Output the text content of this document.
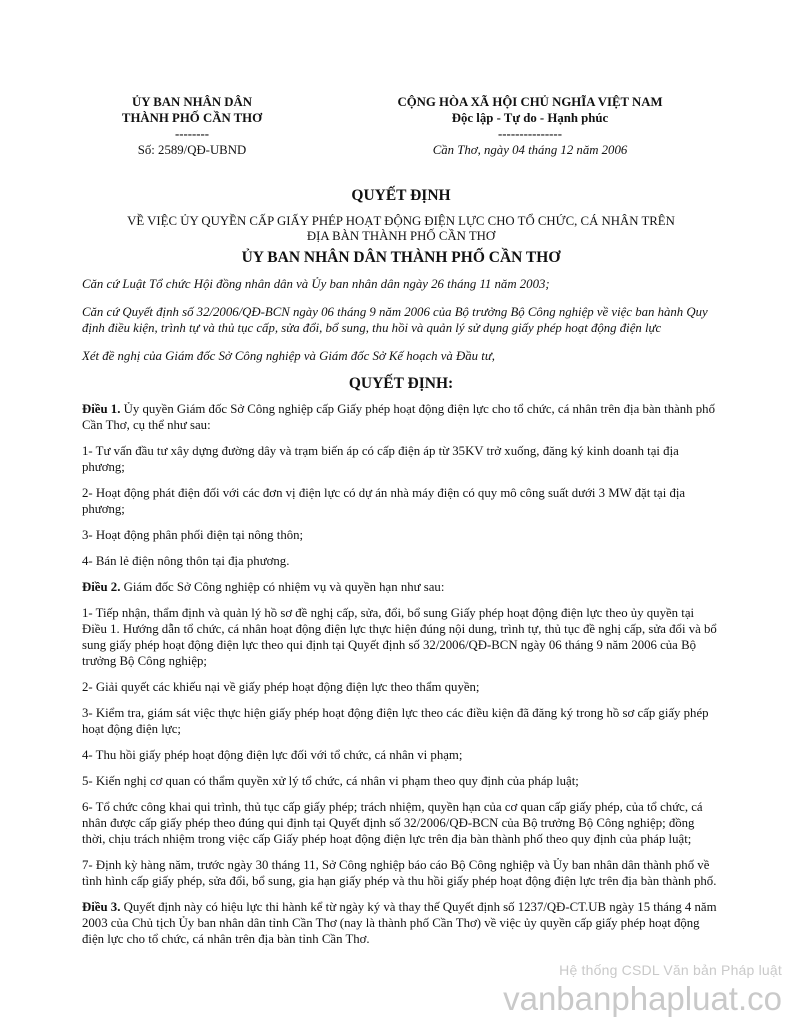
ỦY BAN NHÂN DÂN
THÀNH PHỐ CẦN THƠ
--------
Số: 2589/QĐ-UBND
CỘNG HÒA XÃ HỘI CHỦ NGHĨA VIỆT NAM
Độc lập - Tự do - Hạnh phúc
---------------
Cần Thơ, ngày 04 tháng 12 năm 2006
QUYẾT ĐỊNH
VỀ VIỆC ỦY QUYỀN CẤP GIẤY PHÉP HOẠT ĐỘNG ĐIỆN LỰC CHO TỔ CHỨC, CÁ NHÂN TRÊN ĐỊA BÀN THÀNH PHỐ CẦN THƠ
ỦY BAN NHÂN DÂN THÀNH PHỐ CẦN THƠ

Căn cứ Luật Tổ chức Hội đồng nhân dân và Ủy ban nhân dân ngày 26 tháng 11 năm 2003;

Căn cứ Quyết định số 32/2006/QĐ-BCN ngày 06 tháng 9 năm 2006 của Bộ trưởng Bộ Công nghiệp về việc ban hành Quy định điều kiện, trình tự và thủ tục cấp, sửa đổi, bổ sung, thu hồi và quản lý sử dụng giấy phép hoạt động điện lực

Xét đề nghị của Giám đốc Sở Công nghiệp và Giám đốc Sở Kế hoạch và Đầu tư,

QUYẾT ĐỊNH:

Điều 1. Ủy quyền Giám đốc Sở Công nghiệp cấp Giấy phép hoạt động điện lực cho tổ chức, cá nhân trên địa bàn thành phố Cần Thơ, cụ thể như sau:

1- Tư vấn đầu tư xây dựng đường dây và trạm biến áp có cấp điện áp từ 35KV trở xuống, đăng ký kinh doanh tại địa phương;

2- Hoạt động phát điện đối với các đơn vị điện lực có dự án nhà máy điện có quy mô công suất dưới 3 MW đặt tại địa phương;

3- Hoạt động phân phối điện tại nông thôn;

4- Bán lẻ điện nông thôn tại địa phương.

Điều 2. Giám đốc Sở Công nghiệp có nhiệm vụ và quyền hạn như sau:

1- Tiếp nhận, thẩm định và quản lý hồ sơ đề nghị cấp, sửa, đổi, bổ sung Giấy phép hoạt động điện lực theo ủy quyền tại Điều 1. Hướng dẫn tổ chức, cá nhân hoạt động điện lực thực hiện đúng nội dung, trình tự, thủ tục đề nghị cấp, sửa đổi và bổ sung giấy phép hoạt động điện lực theo qui định tại Quyết định số 32/2006/QĐ-BCN ngày 06 tháng 9 năm 2006 của Bộ trưởng Bộ Công nghiệp;

2- Giải quyết các khiếu nại về giấy phép hoạt động điện lực theo thẩm quyền;

3- Kiểm tra, giám sát việc thực hiện giấy phép hoạt động điện lực theo các điều kiện đã đăng ký trong hồ sơ cấp giấy phép hoạt động điện lực;

4- Thu hồi giấy phép hoạt động điện lực đối với tổ chức, cá nhân vi phạm;

5- Kiến nghị cơ quan có thẩm quyền xử lý tổ chức, cá nhân vi phạm theo quy định của pháp luật;

6- Tổ chức công khai qui trình, thủ tục cấp giấy phép; trách nhiệm, quyền hạn của cơ quan cấp giấy phép, của tổ chức, cá nhân được cấp giấy phép theo đúng qui định tại Quyết định số 32/2006/QĐ-BCN của Bộ trưởng Bộ Công nghiệp; đồng thời, chịu trách nhiệm trong việc cấp Giấy phép hoạt động điện lực trên địa bàn thành phố theo quy định của pháp luật;

7- Định kỳ hàng năm, trước ngày 30 tháng 11, Sở Công nghiệp báo cáo Bộ Công nghiệp và Ủy ban nhân dân thành phố về tình hình cấp giấy phép, sửa đổi, bổ sung, gia hạn giấy phép và thu hồi giấy phép hoạt động điện lực trên địa bàn thành phố.

Điều 3. Quyết định này có hiệu lực thi hành kể từ ngày ký và thay thế Quyết định số 1237/QĐ-CT.UB ngày 15 tháng 4 năm 2003 của Chủ tịch Ủy ban nhân dân tỉnh Cần Thơ (nay là thành phố Cần Thơ) về việc ủy quyền cấp giấy phép hoạt động điện lực cho tổ chức, cá nhân trên địa bàn tỉnh Cần Thơ.

Hệ thống CSDL Văn bản Pháp luật
vanbanphapluat.co
